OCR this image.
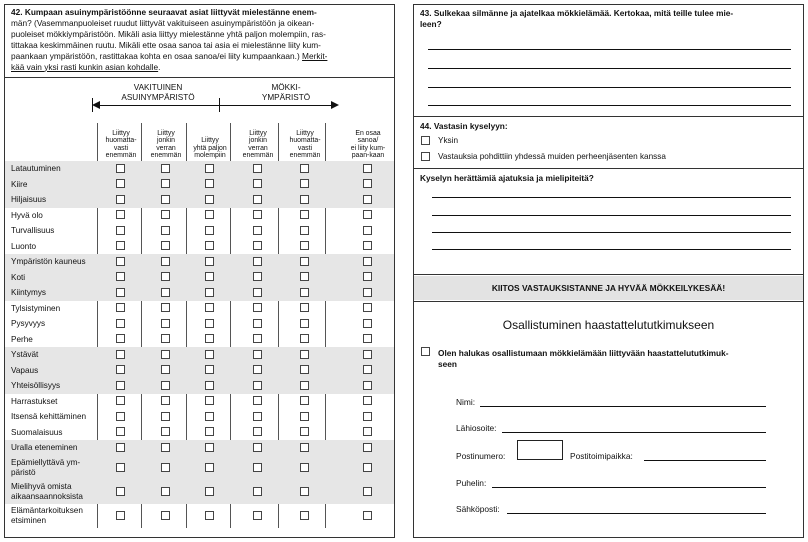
42. Kumpaan asuinympäristöönne seuraavat asiat liittyvät mielestänne enem-
män? (Vasemmanpuoleiset ruudut liittyvät vakituiseen asuinympäristöön ja oikean-
puoleiset mökkiympäristöön. Mikäli asia liittyy mielestänne yhtä paljon molempiin, ras-
tittakaa keskimmäinen ruutu. Mikäli ette osaa sanoa tai asia ei mielestänne liity kum-
paankaan ympäristöön, rastittakaa kohta en osaa sanoa/ei liity kumpaankaan.) Merkit-
kää vain yksi rasti kunkin asian kohdalle.
VAKITUINEN
ASUINYMPÄRISTÖ
MÖKKI-
YMPÄRISTÖ
Liittyy
huomatta-
vasti
enemmän
Liittyy
jonkin
verran
enemmän
Liittyy
yhtä paljon
molempiin
Liittyy
jonkin
verran
enemmän
Liittyy
huomatta-
vasti
enemmän
En osaa
sanoa/
ei liity kum-
paan-kaan
Latautuminen
Kiire
Hiljaisuus
Hyvä olo
Turvallisuus
Luonto
Ympäristön kauneus
Koti
Kiintymys
Tylsistyminen
Pysyvyys
Perhe
Ystävät
Vapaus
Yhteisöllisyys
Harrastukset
Itsensä kehittäminen
Suomalaisuus
Uralla eteneminen
Epämiellyttävä ym-
päristö
Mielihyvä omista
aikaansaannoksista
Elämäntarkoituksen
etsiminen
43. Sulkekaa silmänne ja ajatelkaa mökkielämää. Kertokaa, mitä teille tulee mie-
leen?
44. Vastasin kyselyyn:
Yksin
Vastauksia pohdittiin yhdessä muiden perheenjäsenten kanssa
Kyselyn herättämiä ajatuksia ja mielipiteitä?
KIITOS VASTAUKSISTANNE JA HYVÄÄ MÖKKEILYKESÄÄ!
Osallistuminen haastattelututkimukseen
Olen halukas osallistumaan mökkielämään liittyvään haastattelututkimuk-
seen
Nimi:
Lähiosoite:
Postinumero:	Postitoimipaikka:
Puhelin:
Sähköposti:
